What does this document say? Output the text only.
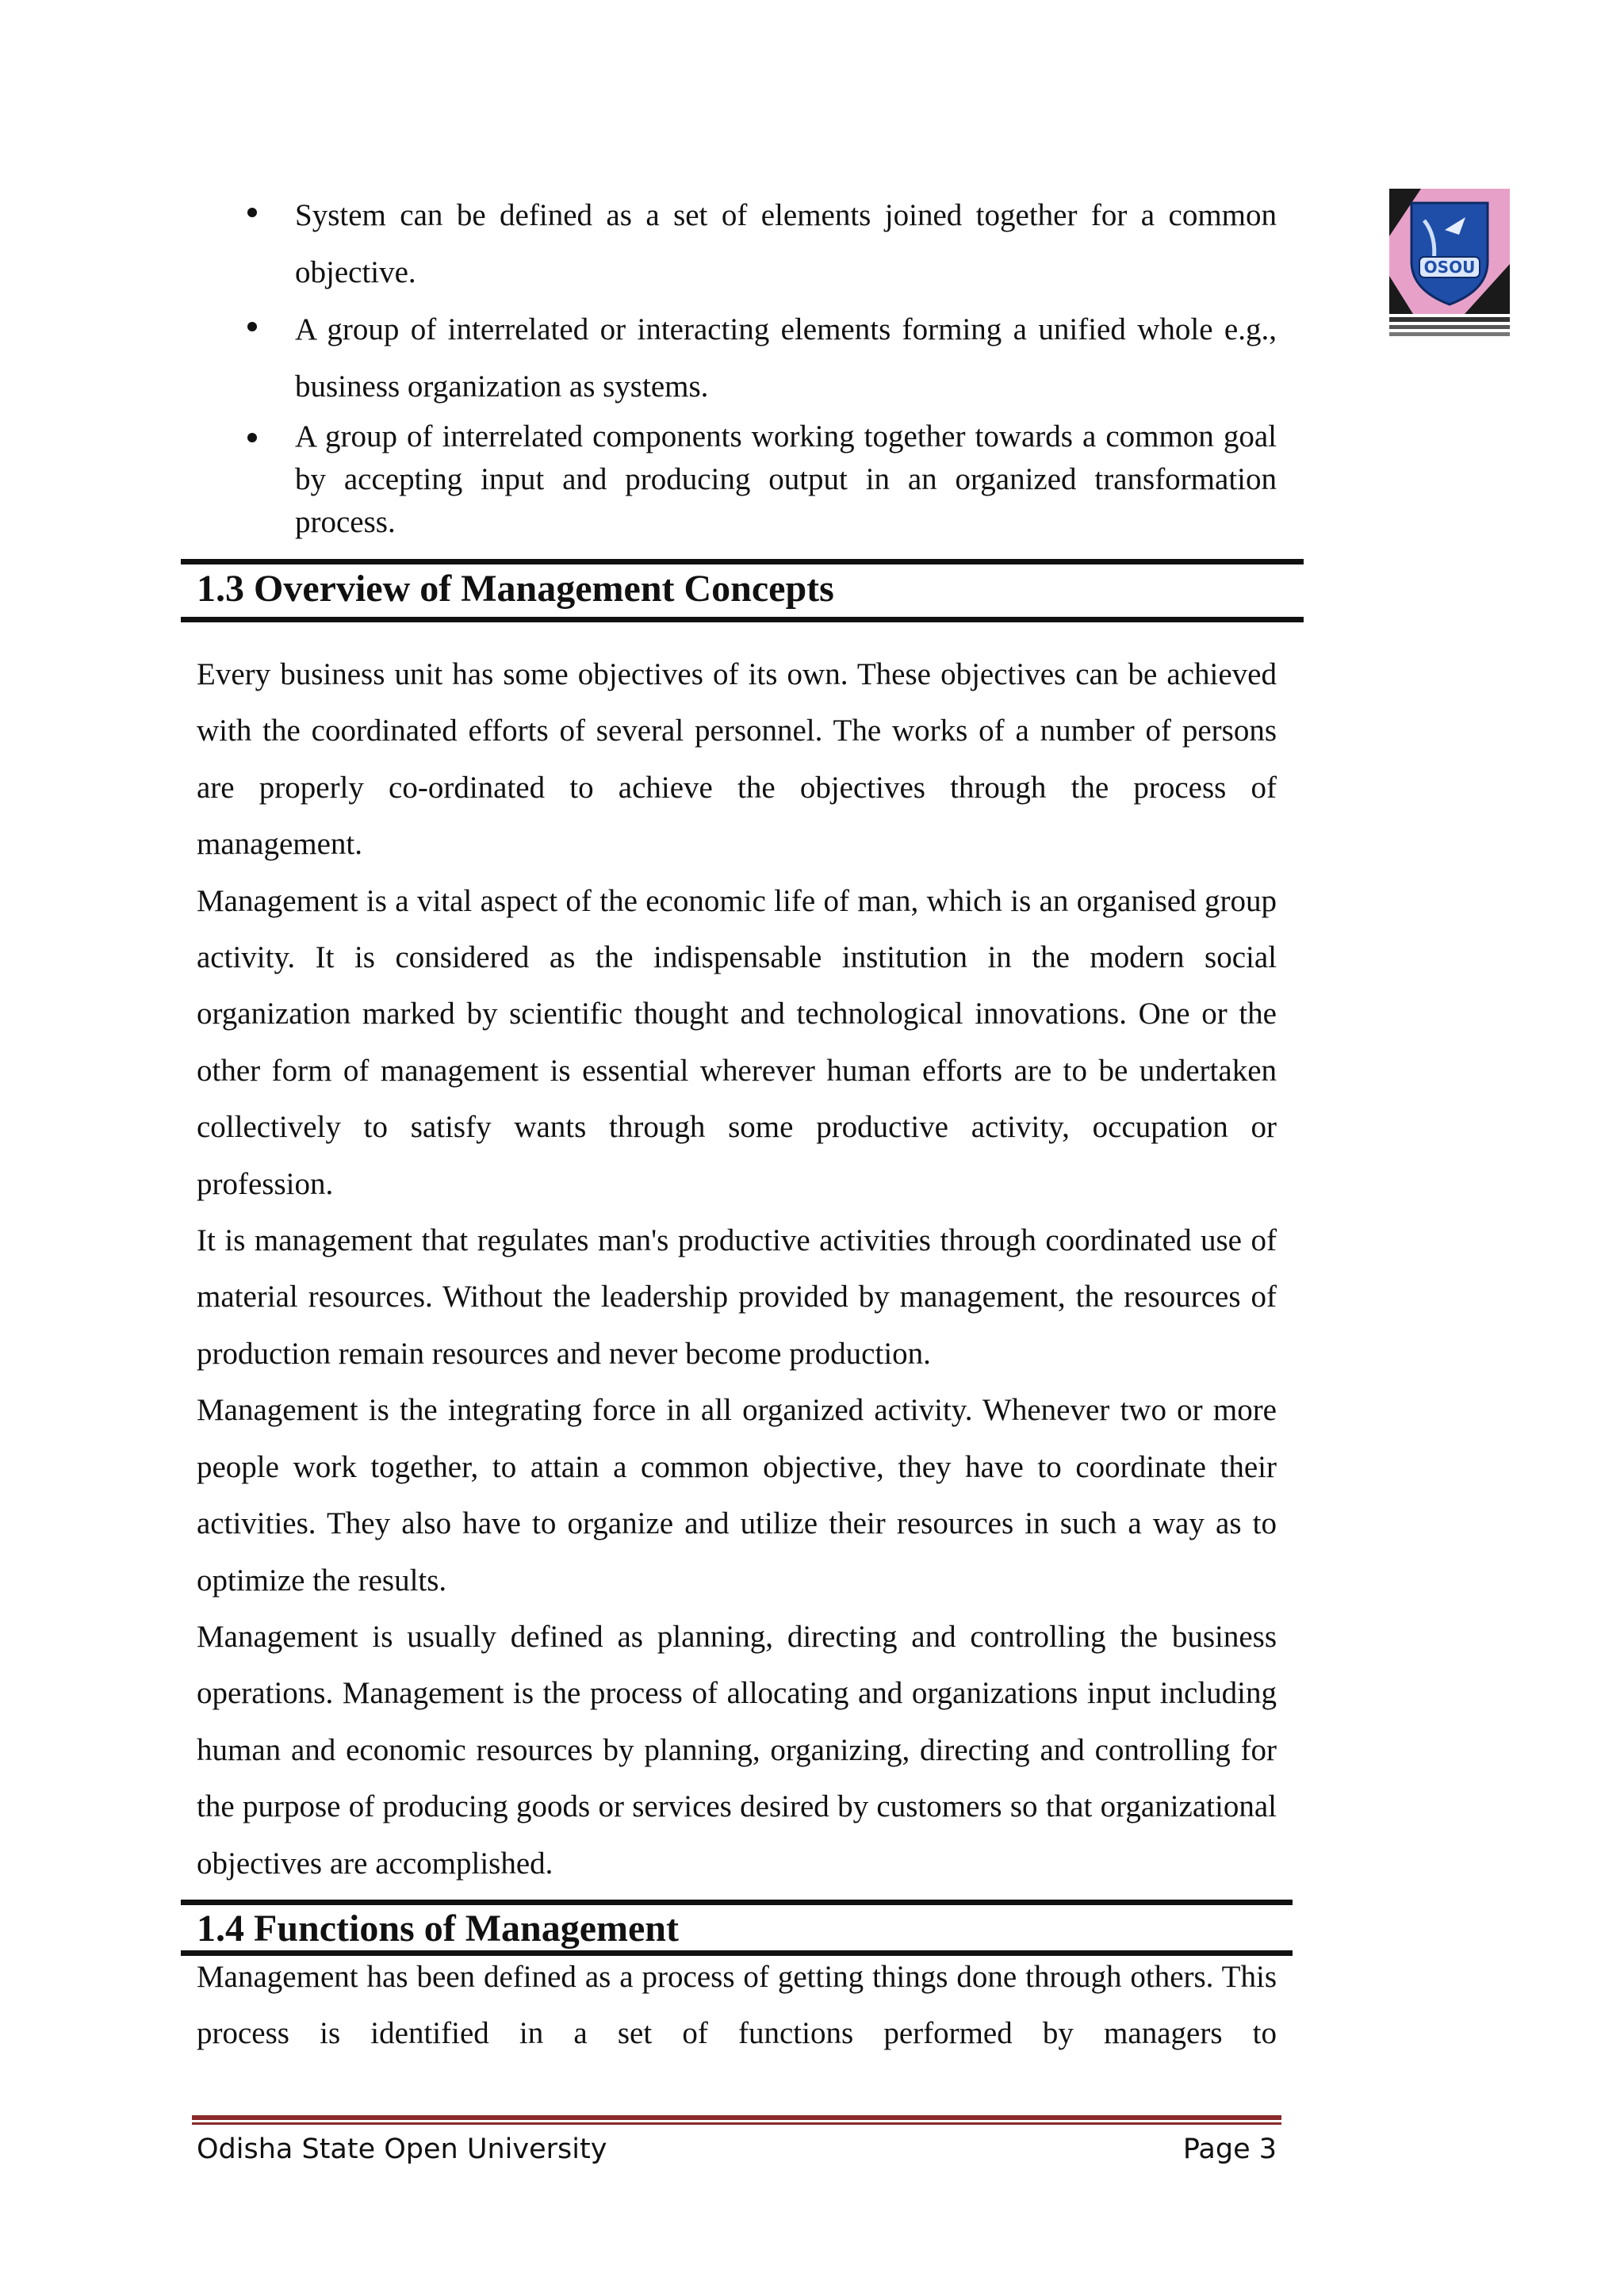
OSOU
System can be defined as a set of elements joined together for a common objective.
A group of interrelated or interacting elements forming a unified whole e.g., business organization as systems.
A group of interrelated components working together towards a common goal by accepting input and producing output in an organized transformation process.
1.3 Overview of Management Concepts

Every business unit has some objectives of its own. These objectives can be achieved with the coordinated efforts of several personnel. The works of a number of persons are properly co-ordinated to achieve the objectives through the process of management.

Management is a vital aspect of the economic life of man, which is an organised group activity. It is considered as the indispensable institution in the modern social organization marked by scientific thought and technological innovations. One or the other form of management is essential wherever human efforts are to be undertaken collectively to satisfy wants through some productive activity, occupation or profession.

It is management that regulates man's productive activities through coordinated use of material resources. Without the leadership provided by management, the resources of production remain resources and never become production.

Management is the integrating force in all organized activity. Whenever two or more people work together, to attain a common objective, they have to coordinate their activities. They also have to organize and utilize their resources in such a way as to optimize the results.

Management is usually defined as planning, directing and controlling the business operations. Management is the process of allocating and organizations input including human and economic resources by planning, organizing, directing and controlling for the purpose of producing goods or services desired by customers so that organizational objectives are accomplished.

1.4 Functions of Management

Management has been defined as a process of getting things done through others. This process is identified in a set of functions performed by managers to

Odisha State Open University	Page 3
